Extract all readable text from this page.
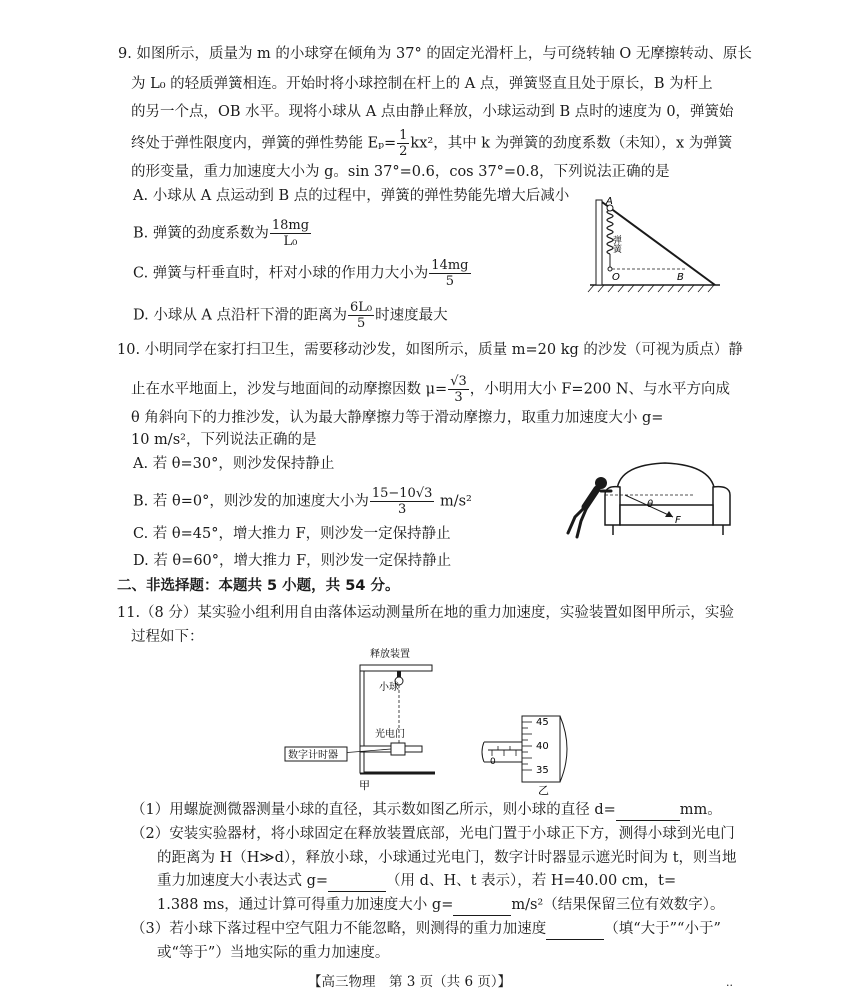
9. 如图所示，质量为 m 的小球穿在倾角为 37° 的固定光滑杆上，与可绕转轴 O 无摩擦转动、原长
为 L₀ 的轻质弹簧相连。开始时将小球控制在杆上的 A 点，弹簧竖直且处于原长，B 为杆上
的另一个点，OB 水平。现将小球从 A 点由静止释放，小球运动到 B 点时的速度为 0，弹簧始
终处于弹性限度内，弹簧的弹性势能 $E_p= \frac{1}{2} kx^2$，其中 k 为弹簧的劲度系数（未知），x 为弹簧
的形变量，重力加速度大小为 g。sin 37°=0.6，cos 37°=0.8，下列说法正确的是
A. 小球从 A 点运动到 B 点的过程中，弹簧的弹性势能先增大后减小
B. 弹簧的劲度系数为 $\frac{18mg}{\text{L₀}}$
C. 弹簧与杆垂直时，杆对小球的作用力大小为 $\frac{14mg}{5}$
D. 小球从 A 点沿杆下滑的距离为 $\frac{\text{6L₀}}{5}$ 时速度最大
A
O	B
弹簧
10. 小明同学在家打扫卫生，需要移动沙发，如图所示，质量 m=20 kg 的沙发（可视为质点）静
止在水平地面上，沙发与地面间的动摩擦因数 $\mu= \frac{√3}{3}$ ，小明用大小 F=200 N、与水平方向成
θ 角斜向下的力推沙发，认为最大静摩擦力等于滑动摩擦力，取重力加速度大小 g=
10 m/s²，下列说法正确的是
A. 若 θ=30°，则沙发保持静止
B. 若 θ=0°，则沙发的加速度大小为 $\frac{15-10√3}{3} m/s^2$
C. 若 θ=45°，增大推力 F，则沙发一定保持静止
D. 若 θ=60°，增大推力 F，则沙发一定保持静止
θ
F
二、非选择题：本题共 5 小题，共 54 分。
11.（8 分）某实验小组利用自由落体运动测量所在地的重力加速度，实验装置如图甲所示，实验
过程如下：
释放装置
小球
光电门
数字计时器
甲
45
40
35
0
乙
（1）用螺旋测微器测量小球的直径，其示数如图乙所示，则小球的直径 d=	mm。
（2）安装实验器材，将小球固定在释放装置底部，光电门置于小球正下方，测得小球到光电门
的距离为 H（H≫d），释放小球，小球通过光电门，数字计时器显示遮光时间为 t，则当地
重力加速度大小表达式 g=	（用 d、H、t 表示），若 H=40.00 cm，t=
1.388 ms，通过计算可得重力加速度大小 g=	m/s²（结果保留三位有效数字）。
（3）若小球下落过程中空气阻力不能忽略，则测得的重力加速度	（填“大于”“小于”
或“等于”）当地实际的重力加速度。
【高三物理　第 3 页（共 6 页）】	··
